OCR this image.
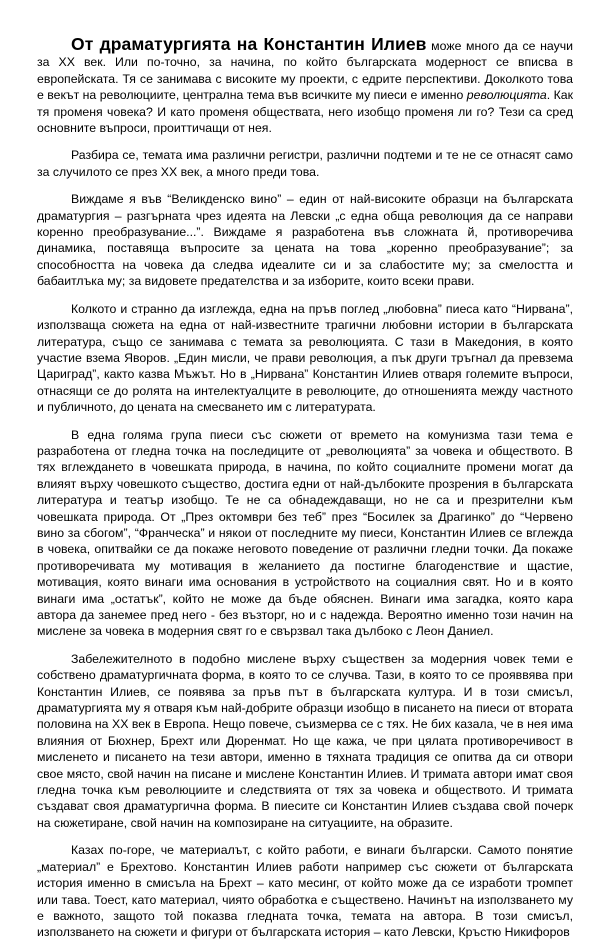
От драматургията на Константин Илиев може много да се научи за XX век. Или по-точно, за начина, по който българската модерност се вписва в европейската. Тя се занимава с високите му проекти, с едрите перспективи. Доколкото това е векът на революциите, централна тема във всичките му пиеси е именно революцията. Как тя променя човека? И като променя обществата, него изобщо променя ли го? Тези са сред основните въпроси, проиттичащи от нея.

Разбира се, темата има различни регистри, различни подтеми и те не се отнасят само за случилото се през XX век, а много преди това.

Виждаме я във “Великденско вино” – един от най-високите образци на българската драматургия – разгърната чрез идеята на Левски „с една обща революция да се направи коренно преобразувание...”. Виждаме я разработена във сложната й, противоречива динамика, поставяща въпросите за цената на това „коренно преобразувание”; за способността на човека да следва идеалите си и за слабостите му; за смелостта и бабаитлъка му; за видовете предателства и за изборите, които всеки прави.

Колкото и странно да изглежда, една на пръв поглед „любовна” пиеса като “Нирвана”, използваща сюжета на една от най-известните трагични любовни истории в българската литература, също се занимава с темата за революцията. С тази в Македония, в която участие взема Яворов. „Един мисли, че прави революция, а пък други тръгнал да превзема Цариград”, както казва Мъжът. Но в „Нирвана” Константин Илиев отваря големите въпроси, отнасящи се до ролята на интелектуалците в революците, до отношенията между частното и публичното, до цената на смесването им с литературата.

В една голяма група пиеси със сюжети от времето на комунизма тази тема е разработена от гледна точка на последиците от „революцията” за човека и обществото. В тях вглеждането в човешката природа, в начина, по който социалните промени могат да влияят върху човешкото същество, достига едни от най-дълбоките прозрения в българската литература и театър изобщо. Те не са обнадеждаващи, но не са и презрителни към човешката природа. От „През октомври без теб” през “Босилек за Драгинко” до “Червено вино за сбогом”, “Франческа” и някои от последните му пиеси, Константин Илиев се вглежда в човека, опитвайки се да покаже неговото поведение от различни гледни точки. Да покаже противоречивата му мотивация в желанието да постигне благоденствие и щастие, мотивация, която винаги има основания в устройството на социалния свят. Но и в която винаги има „остатък”, който не може да бъде обяснен. Винаги има загадка, която кара автора да занемее пред него - без възторг, но и с надежда. Вероятно именно този начин на мислене за човека в модерния свят го е свързвал така дълбоко с Леон Даниел.

Забележителното в подобно мислене върху съществен за модерния човек теми е собствено драматургичната форма, в която то се случва. Тази, в която то се прояввява при Константин Илиев, се появява за пръв път в българската култура. И в този смисъл, драматургията му я отваря към най-добрите образци изобщо в писането на пиеси от втората половина на XX век в Европа. Нещо повече, съизмерва се с тях. Не бих казала, че в нея има влияния от Бюхнер, Брехт или Дюренмат. Но ще кажа, че при цялата противоречивост в мисленето и писането на тези автори, именно в тяхната традиция се опитва да си отвори свое място, свой начин на писане и мислене Константин Илиев. И тримата автори имат своя гледна точка към революциите и следствията от тях за човека и обществото. И тримата създават своя драматургична форма. В пиесите си Константин Илиев създава свой почерк на сюжетиране, свой начин на композиране на ситуациите, на образите.

Казах по-горе, че материалът, с който работи, е винаги български. Самото понятие „материал” е Брехтово. Константин Илиев работи например със сюжети от българската история именно в смисъла на Брехт – като месинг, от който може да се изработи тромпет или тава. Тоест, като материал, чиято обработка е съществено. Начинът на използването му е важното, защото той показва гледната точка, темата на автора. В този смисъл, използването на сюжети и фигури от българската история – като Левски, Кръстю Никифоров
